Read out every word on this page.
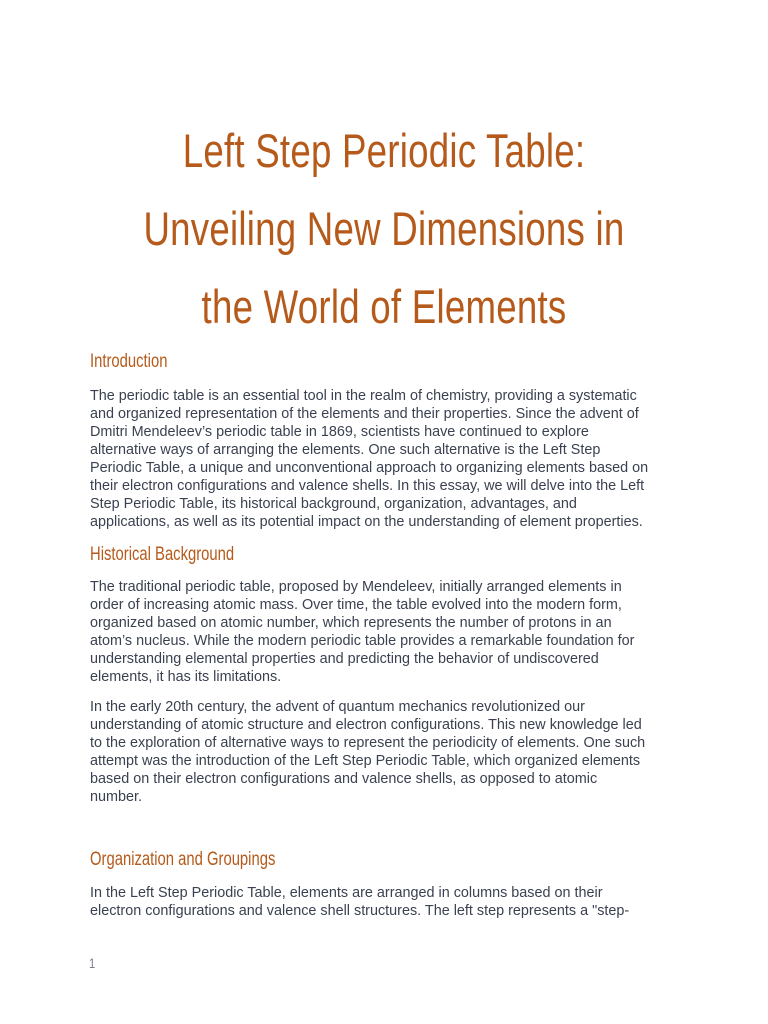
Left Step Periodic Table:
Unveiling New Dimensions in
the World of Elements
Introduction

The periodic table is an essential tool in the realm of chemistry, providing a systematic
and organized representation of the elements and their properties. Since the advent of
Dmitri Mendeleev’s periodic table in 1869, scientists have continued to explore
alternative ways of arranging the elements. One such alternative is the Left Step
Periodic Table, a unique and unconventional approach to organizing elements based on
their electron configurations and valence shells. In this essay, we will delve into the Left
Step Periodic Table, its historical background, organization, advantages, and
applications, as well as its potential impact on the understanding of element properties.

Historical Background

The traditional periodic table, proposed by Mendeleev, initially arranged elements in
order of increasing atomic mass. Over time, the table evolved into the modern form,
organized based on atomic number, which represents the number of protons in an
atom’s nucleus. While the modern periodic table provides a remarkable foundation for
understanding elemental properties and predicting the behavior of undiscovered
elements, it has its limitations.

In the early 20th century, the advent of quantum mechanics revolutionized our
understanding of atomic structure and electron configurations. This new knowledge led
to the exploration of alternative ways to represent the periodicity of elements. One such
attempt was the introduction of the Left Step Periodic Table, which organized elements
based on their electron configurations and valence shells, as opposed to atomic
number.

Organization and Groupings

In the Left Step Periodic Table, elements are arranged in columns based on their
electron configurations and valence shell structures. The left step represents a "step-

1
